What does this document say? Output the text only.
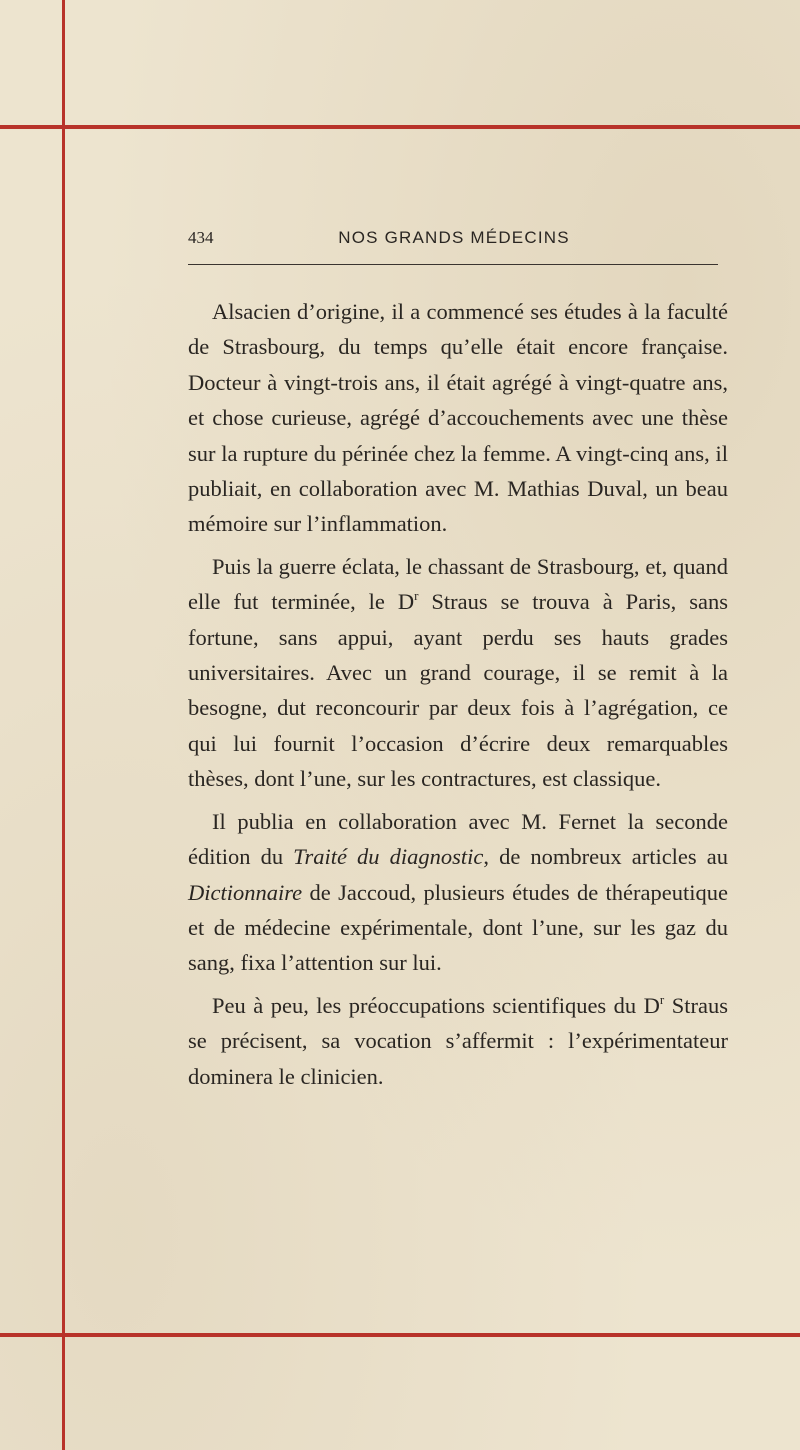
434	NOS GRANDS MÉDECINS

Alsacien d’origine, il a commencé ses études à la faculté de Strasbourg, du temps qu’elle était encore française. Docteur à vingt-trois ans, il était agrégé à vingt-quatre ans, et chose curieuse, agrégé d’accouchements avec une thèse sur la rupture du périnée chez la femme. A vingt-cinq ans, il publiait, en collaboration avec M. Mathias Duval, un beau mémoire sur l’inflammation.

Puis la guerre éclata, le chassant de Strasbourg, et, quand elle fut terminée, le $D^r$ Straus se trouva à Paris, sans fortune, sans appui, ayant perdu ses hauts grades universitaires. Avec un grand courage, il se remit à la besogne, dut reconcourir par deux fois à l’agrégation, ce qui lui fournit l’occasion d’écrire deux remarquables thèses, dont l’une, sur les contractures, est classique.

Il publia en collaboration avec M. Fernet la seconde édition du Traité du diagnostic, de nombreux articles au Dictionnaire de Jaccoud, plusieurs études de thérapeutique et de médecine expérimentale, dont l’une, sur les gaz du sang, fixa l’attention sur lui.

Peu à peu, les préoccupations scientifiques du $D^r$ Straus se précisent, sa vocation s’affermit : l’expérimentateur dominera le clinicien.
